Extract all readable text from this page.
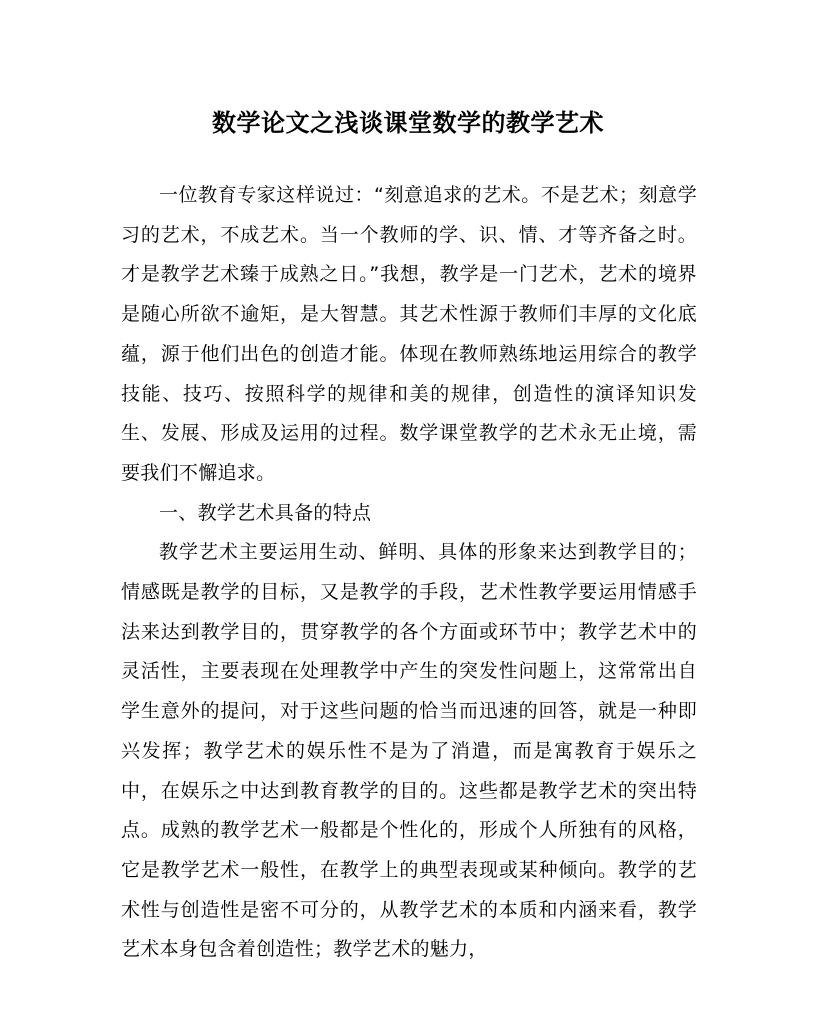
数学论文之浅谈课堂数学的教学艺术

一位教育专家这样说过：“刻意追求的艺术。不是艺术；刻意学习的艺术，不成艺术。当一个教师的学、识、情、才等齐备之时。才是教学艺术臻于成熟之日。”我想，教学是一门艺术，艺术的境界是随心所欲不逾矩，是大智慧。其艺术性源于教师们丰厚的文化底蕴，源于他们出色的创造才能。体现在教师熟练地运用综合的教学技能、技巧、按照科学的规律和美的规律，创造性的演译知识发生、发展、形成及运用的过程。数学课堂教学的艺术永无止境，需要我们不懈追求。

一、教学艺术具备的特点

教学艺术主要运用生动、鲜明、具体的形象来达到教学目的；情感既是教学的目标，又是教学的手段，艺术性教学要运用情感手法来达到教学目的，贯穿教学的各个方面或环节中；教学艺术中的灵活性，主要表现在处理教学中产生的突发性问题上，这常常出自学生意外的提问，对于这些问题的恰当而迅速的回答，就是一种即兴发挥；教学艺术的娱乐性不是为了消遣，而是寓教育于娱乐之中，在娱乐之中达到教育教学的目的。这些都是教学艺术的突出特点。成熟的教学艺术一般都是个性化的，形成个人所独有的风格，它是教学艺术一般性，在教学上的典型表现或某种倾向。教学的艺术性与创造性是密不可分的，从教学艺术的本质和内涵来看，教学艺术本身包含着创造性；教学艺术的魅力，
